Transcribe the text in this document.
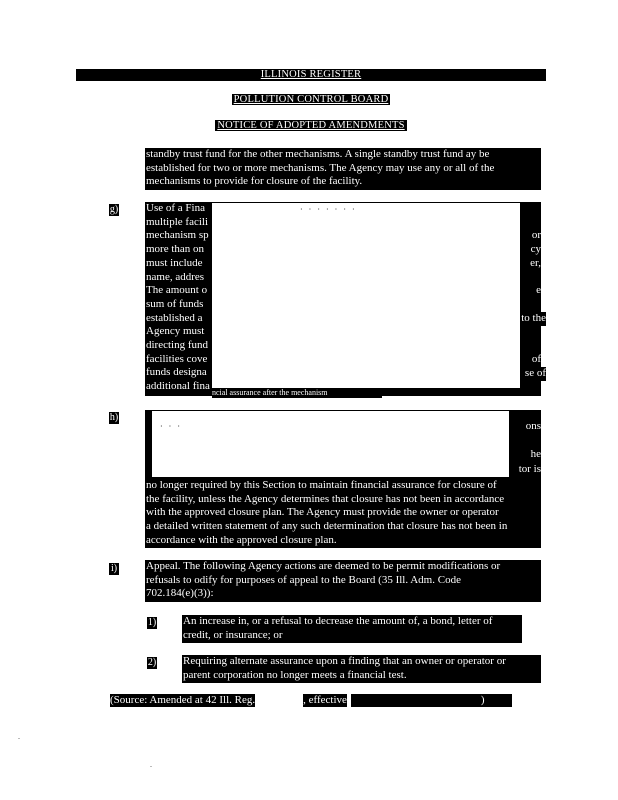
ILLINOIS REGISTER
POLLUTION CONTROL BOARD
NOTICE OF ADOPTED AMENDMENTS
standby trust fund for the other mechanisms. A single standby trust fund ay be
established for two or more mechanisms. The Agency may use any or all of the
mechanisms to provide for closure of the facility.
g)	Use of a Fina
multiple facili
mechanism sp
more than on
must include
name, addres
The amount o
sum of funds
established a
Agency must
directing fund
facilities cove
funds designa
additional fina
or
cy
er,
e
to the
of
se of
· · · · · · ·
ncial assurance after the mechanism
h)
no longer required by this Section to maintain financial assurance for closure of
the facility, unless the Agency determines that closure has not been in accordance
with the approved closure plan. The Agency must provide the owner or operator
a detailed written statement of any such determination that closure has not been in
accordance with the approved closure plan.
· · ·	ons
he
tor is
i)	Appeal. The following Agency actions are deemed to be permit modifications or
refusals to odify for purposes of appeal to the Board (35 Ill. Adm. Code
702.184(e)(3)):
1) An increase in, or a refusal to decrease the amount of, a bond, letter of
credit, or insurance; or
2) Requiring alternate assurance upon a finding that an owner or operator or
parent corporation no longer meets a financial test.
(Source: Amended at 42 Ill. Reg.	, effective	)
